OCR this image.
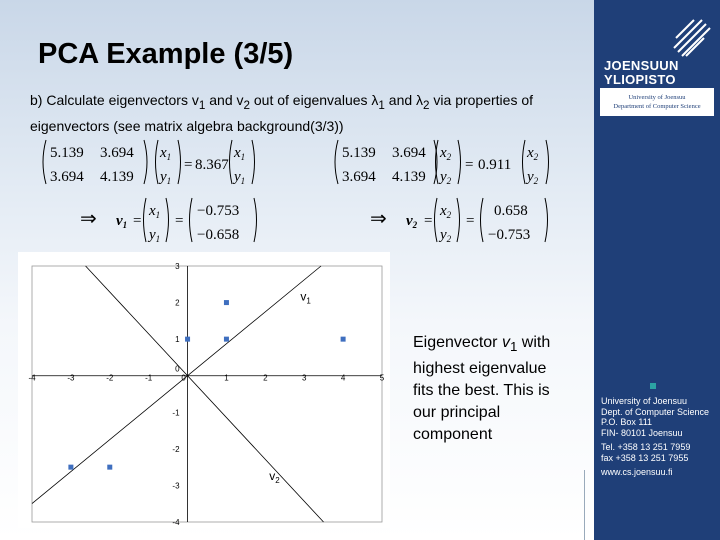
PCA Example (3/5)
b) Calculate eigenvectors $v_1$ and $v_2$ out of eigenvalues $\lambda_1$ and $\lambda_2$ via properties of eigenvectors (see matrix algebra background(3/3))
5.139 3.694
3.694 4.139
$x_1$
$y_1$
= 8.367
$x_1$
$y_1$
5.139 3.694
3.694 4.139
$x_2$
$y_2$
= 0.911
$x_2$
$y_2$
⇒ $v_1$ =
$x_1$
$y_1$
=
−0.753
−0.658
⇒ $v_2$ =
$x_2$
$y_2$
=
0.658
−0.753
$v_1$
$v_2$
-4	-3	-2	-1	0	1	2	3	4	5
3
2
1
-1
-2
-3
-4
0
Eigenvector $v_1$ with
highest eigenvalue
fits the best. This is
our principal
component
JOENSUUN
YLIOPISTO
University of Joensuu
Department of Computer Science
University of Joensuu
Dept. of Computer Science
P.O. Box 111
FIN- 80101 Joensuu
Tel. +358 13 251 7959
fax +358 13 251 7955
www.cs.joensuu.fi
